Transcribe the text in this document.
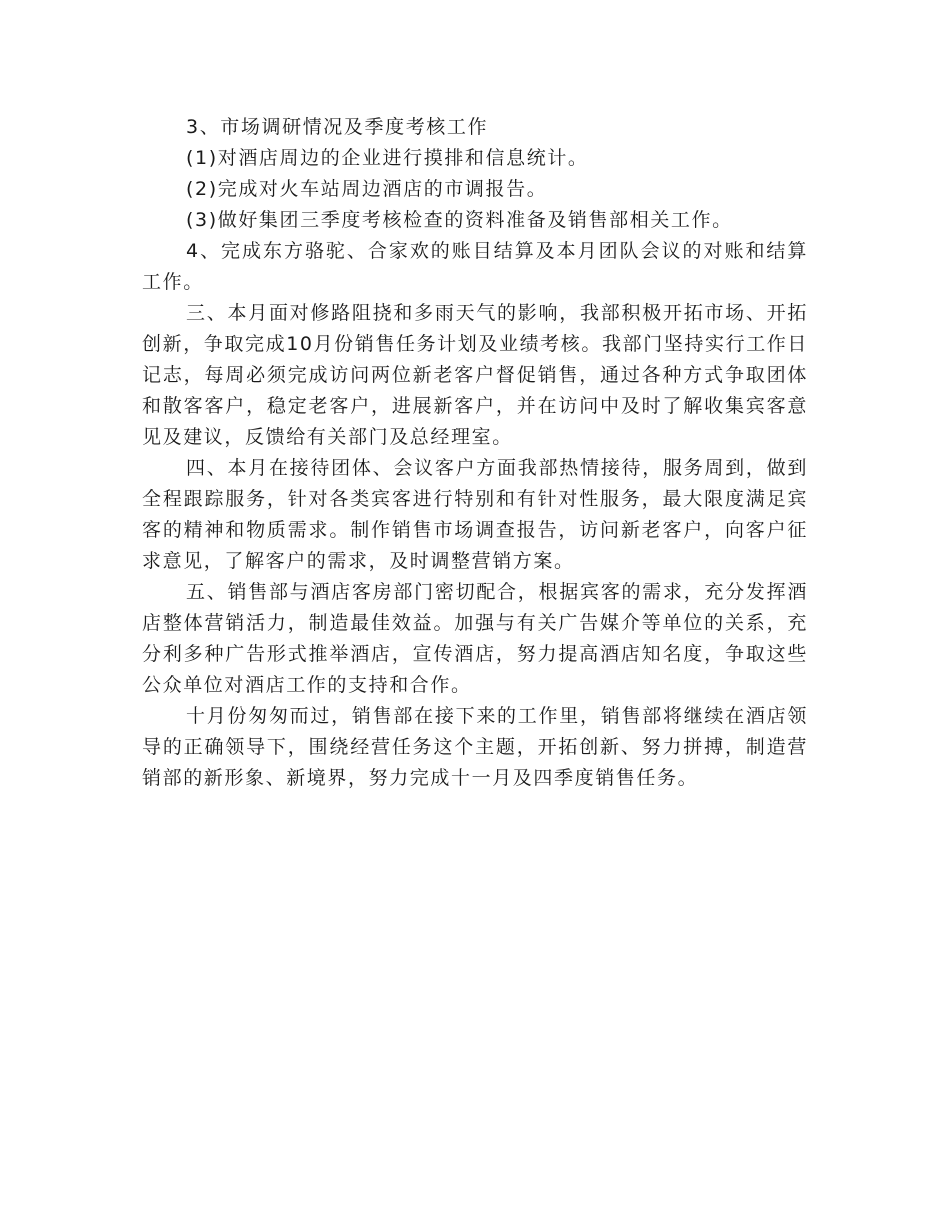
3、市场调研情况及季度考核工作

(1)对酒店周边的企业进行摸排和信息统计。

(2)完成对火车站周边酒店的市调报告。

(3)做好集团三季度考核检查的资料准备及销售部相关工作。

4、完成东方骆驼、合家欢的账目结算及本月团队会议的对账和结算工作。

三、本月面对修路阻挠和多雨天气的影响，我部积极开拓市场、开拓创新，争取完成10月份销售任务计划及业绩考核。我部门坚持实行工作日记志，每周必须完成访问两位新老客户督促销售，通过各种方式争取团体和散客客户，稳定老客户，进展新客户，并在访问中及时了解收集宾客意见及建议，反馈给有关部门及总经理室。

四、本月在接待团体、会议客户方面我部热情接待，服务周到，做到全程跟踪服务，针对各类宾客进行特别和有针对性服务，最大限度满足宾客的精神和物质需求。制作销售市场调查报告，访问新老客户，向客户征求意见，了解客户的需求，及时调整营销方案。

五、销售部与酒店客房部门密切配合，根据宾客的需求，充分发挥酒店整体营销活力，制造最佳效益。加强与有关广告媒介等单位的关系，充分利多种广告形式推举酒店，宣传酒店，努力提高酒店知名度，争取这些公众单位对酒店工作的支持和合作。

十月份匆匆而过，销售部在接下来的工作里，销售部将继续在酒店领导的正确领导下，围绕经营任务这个主题，开拓创新、努力拼搏，制造营销部的新形象、新境界，努力完成十一月及四季度销售任务。
